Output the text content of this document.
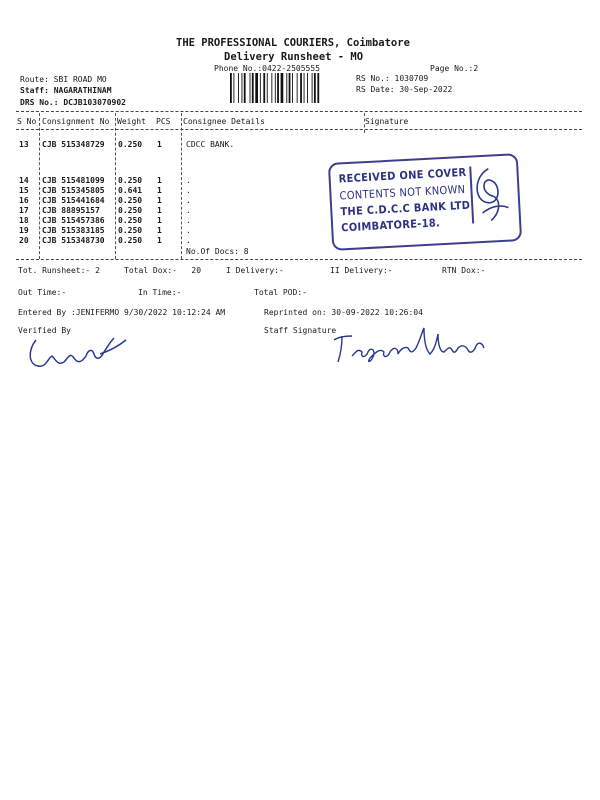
THE PROFESSIONAL COURIERS, Coimbatore
Delivery Runsheet - MO
Phone No.:0422-2505555	Page No.:2
Route: SBI ROAD MO
Staff: NAGARATHINAM
DRS No.: DCJB103070902
RS No.: 1030709
RS Date: 30-Sep-2022
S No Consignment No Weight PCS Consignee Details	Signature
13 CJB 515348729 0.250 1	CDCC BANK.
14 CJB 515481099 0.250 1	.
15 CJB 515345805 0.641 1	.
16 CJB 515441684 0.250 1	.
17 CJB 88895157 0.250 1	.
18 CJB 515457386 0.250 1	.
19 CJB 515383185 0.250 1	.
20 CJB 515348730 0.250 1	.
No.Of Docs: 8
RECEIVED ONE COVER
CONTENTS NOT KNOWN
THE C.D.C.C BANK LTD
COIMBATORE-18.
Tot. Runsheet:- 2	Total Dox:-   20	I Delivery:-	II Delivery:-	RTN Dox:-
Out Time:-	In Time:-	Total POD:-
Entered By :JENIFERMO 9/30/2022 10:12:24 AM	Reprinted on: 30-09-2022 10:26:04
Verified By	Staff Signature
